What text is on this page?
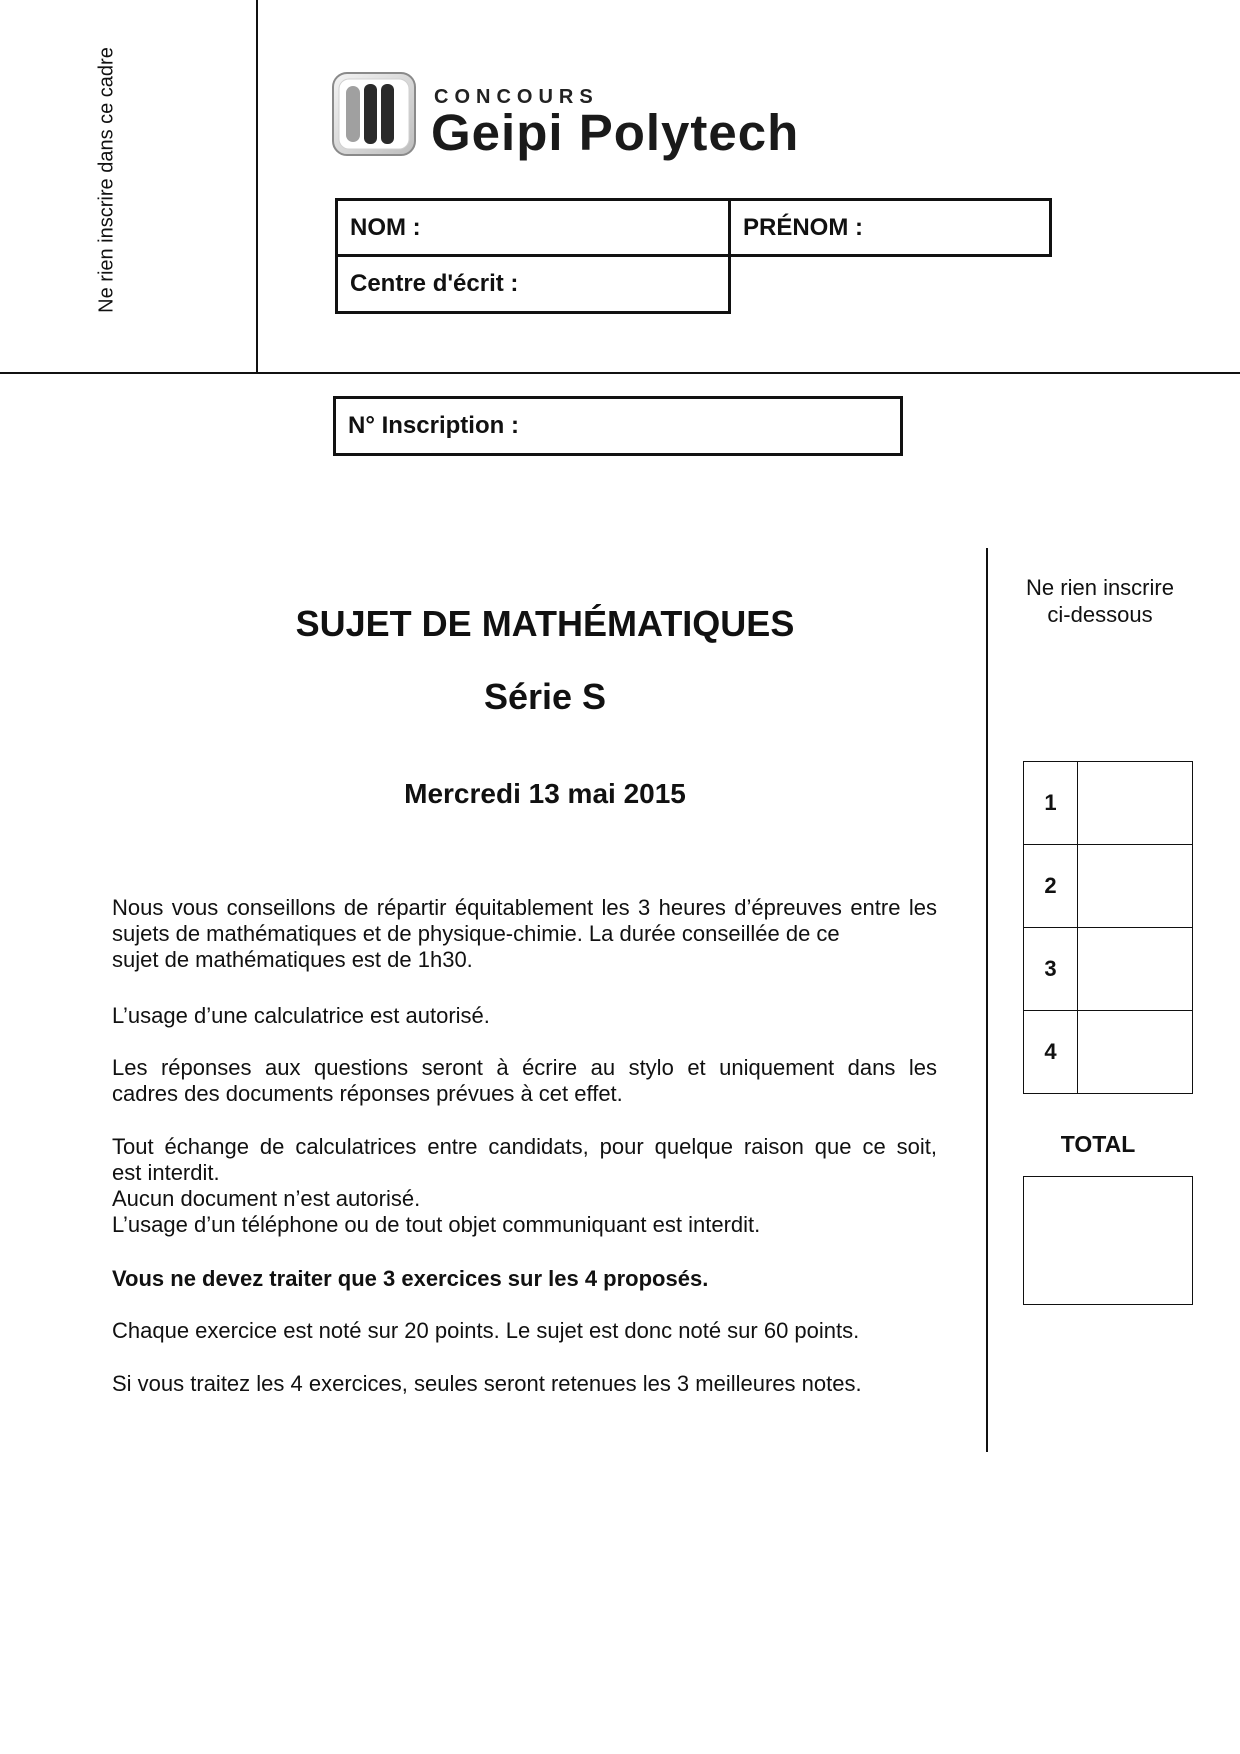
Ne rien inscrire dans ce cadre	CONCOURS
Geipi Polytech
NOM :	PRÉNOM :
Centre d'écrit :
N° Inscription :
SUJET DE MATHÉMATIQUES
Série S
Mercredi 13 mai 2015
Nous vous conseillons de répartir équitablement les 3 heures d’épreuves entre les sujets de mathématiques et de physique-chimie. La durée conseillée de ce
sujet de mathématiques est de 1h30.
L’usage d’une calculatrice est autorisé.
Les réponses aux questions seront à écrire au stylo et uniquement dans les
cadres des documents réponses prévues à cet effet.
Tout échange de calculatrices entre candidats, pour quelque raison que ce soit,
est interdit.
Aucun document n’est autorisé.
L’usage d’un téléphone ou de tout objet communiquant est interdit.
Vous ne devez traiter que 3 exercices sur les 4 proposés.
Chaque exercice est noté sur 20 points. Le sujet est donc noté sur 60 points.
Si vous traitez les 4 exercices, seules seront retenues les 3 meilleures notes.
Ne rien inscrire
ci-dessous
1	
2	
3	
4	
TOTAL
